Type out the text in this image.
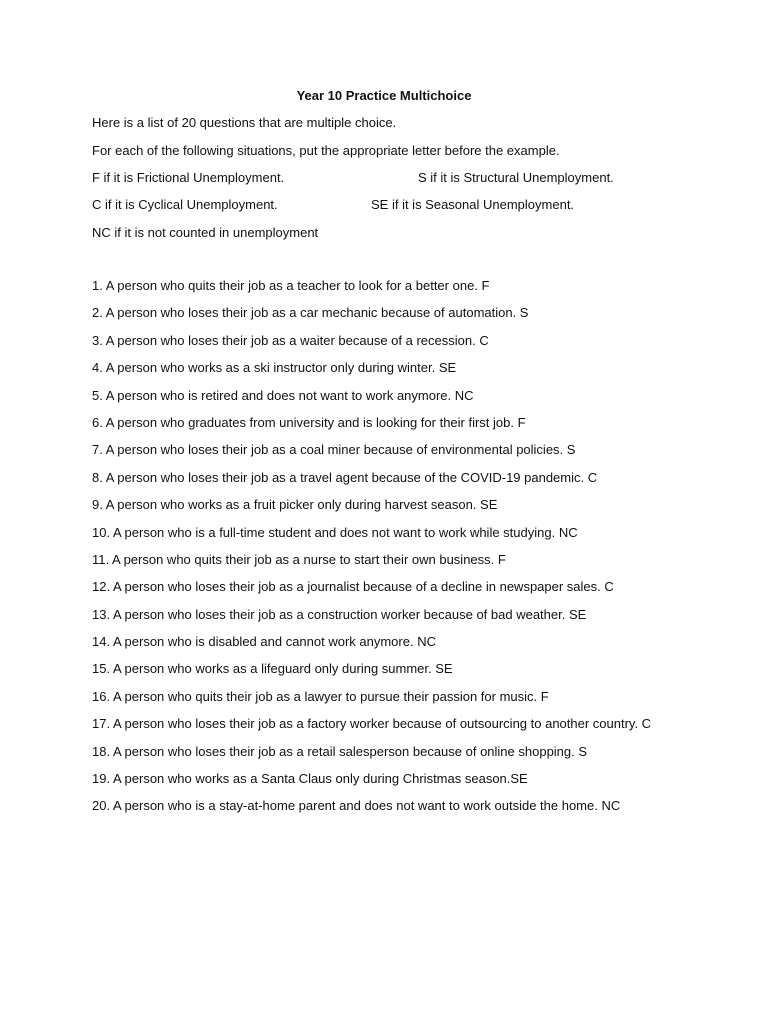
Year 10 Practice Multichoice
Here is a list of 20 questions that are multiple choice.
For each of the following situations, put the appropriate letter before the example.
F if it is Frictional Unemployment.	S if it is Structural Unemployment.
C if it is Cyclical Unemployment.	SE if it is Seasonal Unemployment.
NC if it is not counted in unemployment
1. A person who quits their job as a teacher to look for a better one. F
2. A person who loses their job as a car mechanic because of automation. S
3. A person who loses their job as a waiter because of a recession. C
4. A person who works as a ski instructor only during winter. SE
5. A person who is retired and does not want to work anymore. NC
6. A person who graduates from university and is looking for their first job. F
7. A person who loses their job as a coal miner because of environmental policies. S
8. A person who loses their job as a travel agent because of the COVID-19 pandemic. C
9. A person who works as a fruit picker only during harvest season. SE
10. A person who is a full-time student and does not want to work while studying. NC
11. A person who quits their job as a nurse to start their own business. F
12. A person who loses their job as a journalist because of a decline in newspaper sales. C
13. A person who loses their job as a construction worker because of bad weather. SE
14. A person who is disabled and cannot work anymore. NC
15. A person who works as a lifeguard only during summer. SE
16. A person who quits their job as a lawyer to pursue their passion for music. F
17. A person who loses their job as a factory worker because of outsourcing to another country. C
18. A person who loses their job as a retail salesperson because of online shopping. S
19. A person who works as a Santa Claus only during Christmas season.SE
20. A person who is a stay-at-home parent and does not want to work outside the home. NC
